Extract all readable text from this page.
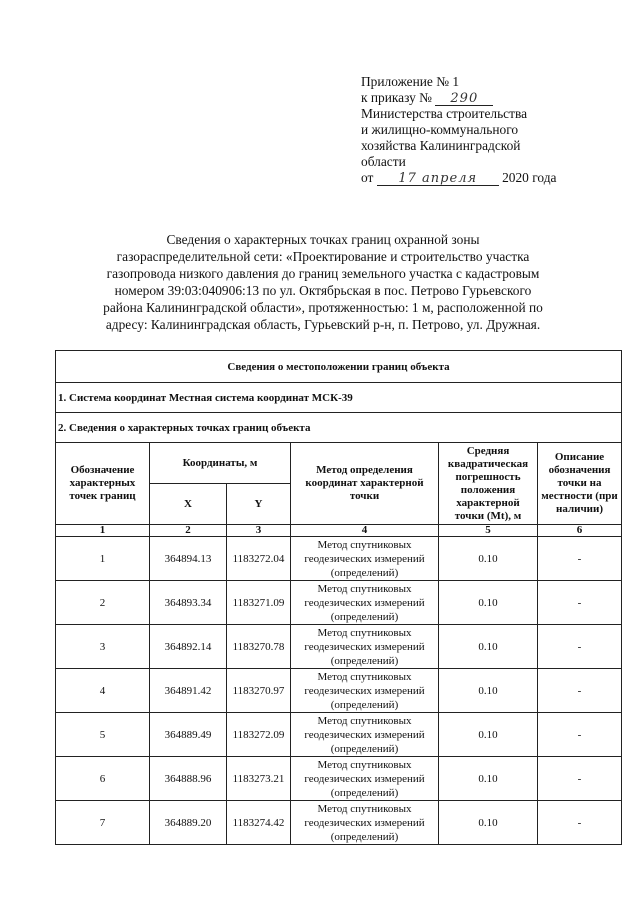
Приложение № 1
к приказу № 290
Министерства строительства
и жилищно-коммунального
хозяйства Калининградской
области
от 17 апреля 2020 года
Сведения о характерных точках границ охранной зоны
газораспределительной сети: «Проектирование и строительство участка
газопровода низкого давления до границ земельного участка с кадастровым
номером 39:03:040906:13 по ул. Октябрьская в пос. Петрово Гурьевского
района Калининградской области», протяженностью: 1 м, расположенной по
адресу: Калининградская область, Гурьевский р-н, п. Петрово, ул. Дружная.
Сведения о местоположении границ объекта					
1. Система координат Местная система координат МСК-39					
2. Сведения о характерных точках границ объекта					
Обозначение характерных точек границ	Координаты, м		Метод определения координат характерной точки	Средняя квадратическая погрешность положения характерной точки (Mt), м	Описание обозначения точки на местности (при наличии)
	X	Y			
1	2	3	4	5	6
1	364894.13	1183272.04	Метод спутниковых геодезических измерений (определений)	0.10	-
2	364893.34	1183271.09	Метод спутниковых геодезических измерений (определений)	0.10	-
3	364892.14	1183270.78	Метод спутниковых геодезических измерений (определений)	0.10	-
4	364891.42	1183270.97	Метод спутниковых геодезических измерений (определений)	0.10	-
5	364889.49	1183272.09	Метод спутниковых геодезических измерений (определений)	0.10	-
6	364888.96	1183273.21	Метод спутниковых геодезических измерений (определений)	0.10	-
7	364889.20	1183274.42	Метод спутниковых геодезических измерений (определений)	0.10	-
